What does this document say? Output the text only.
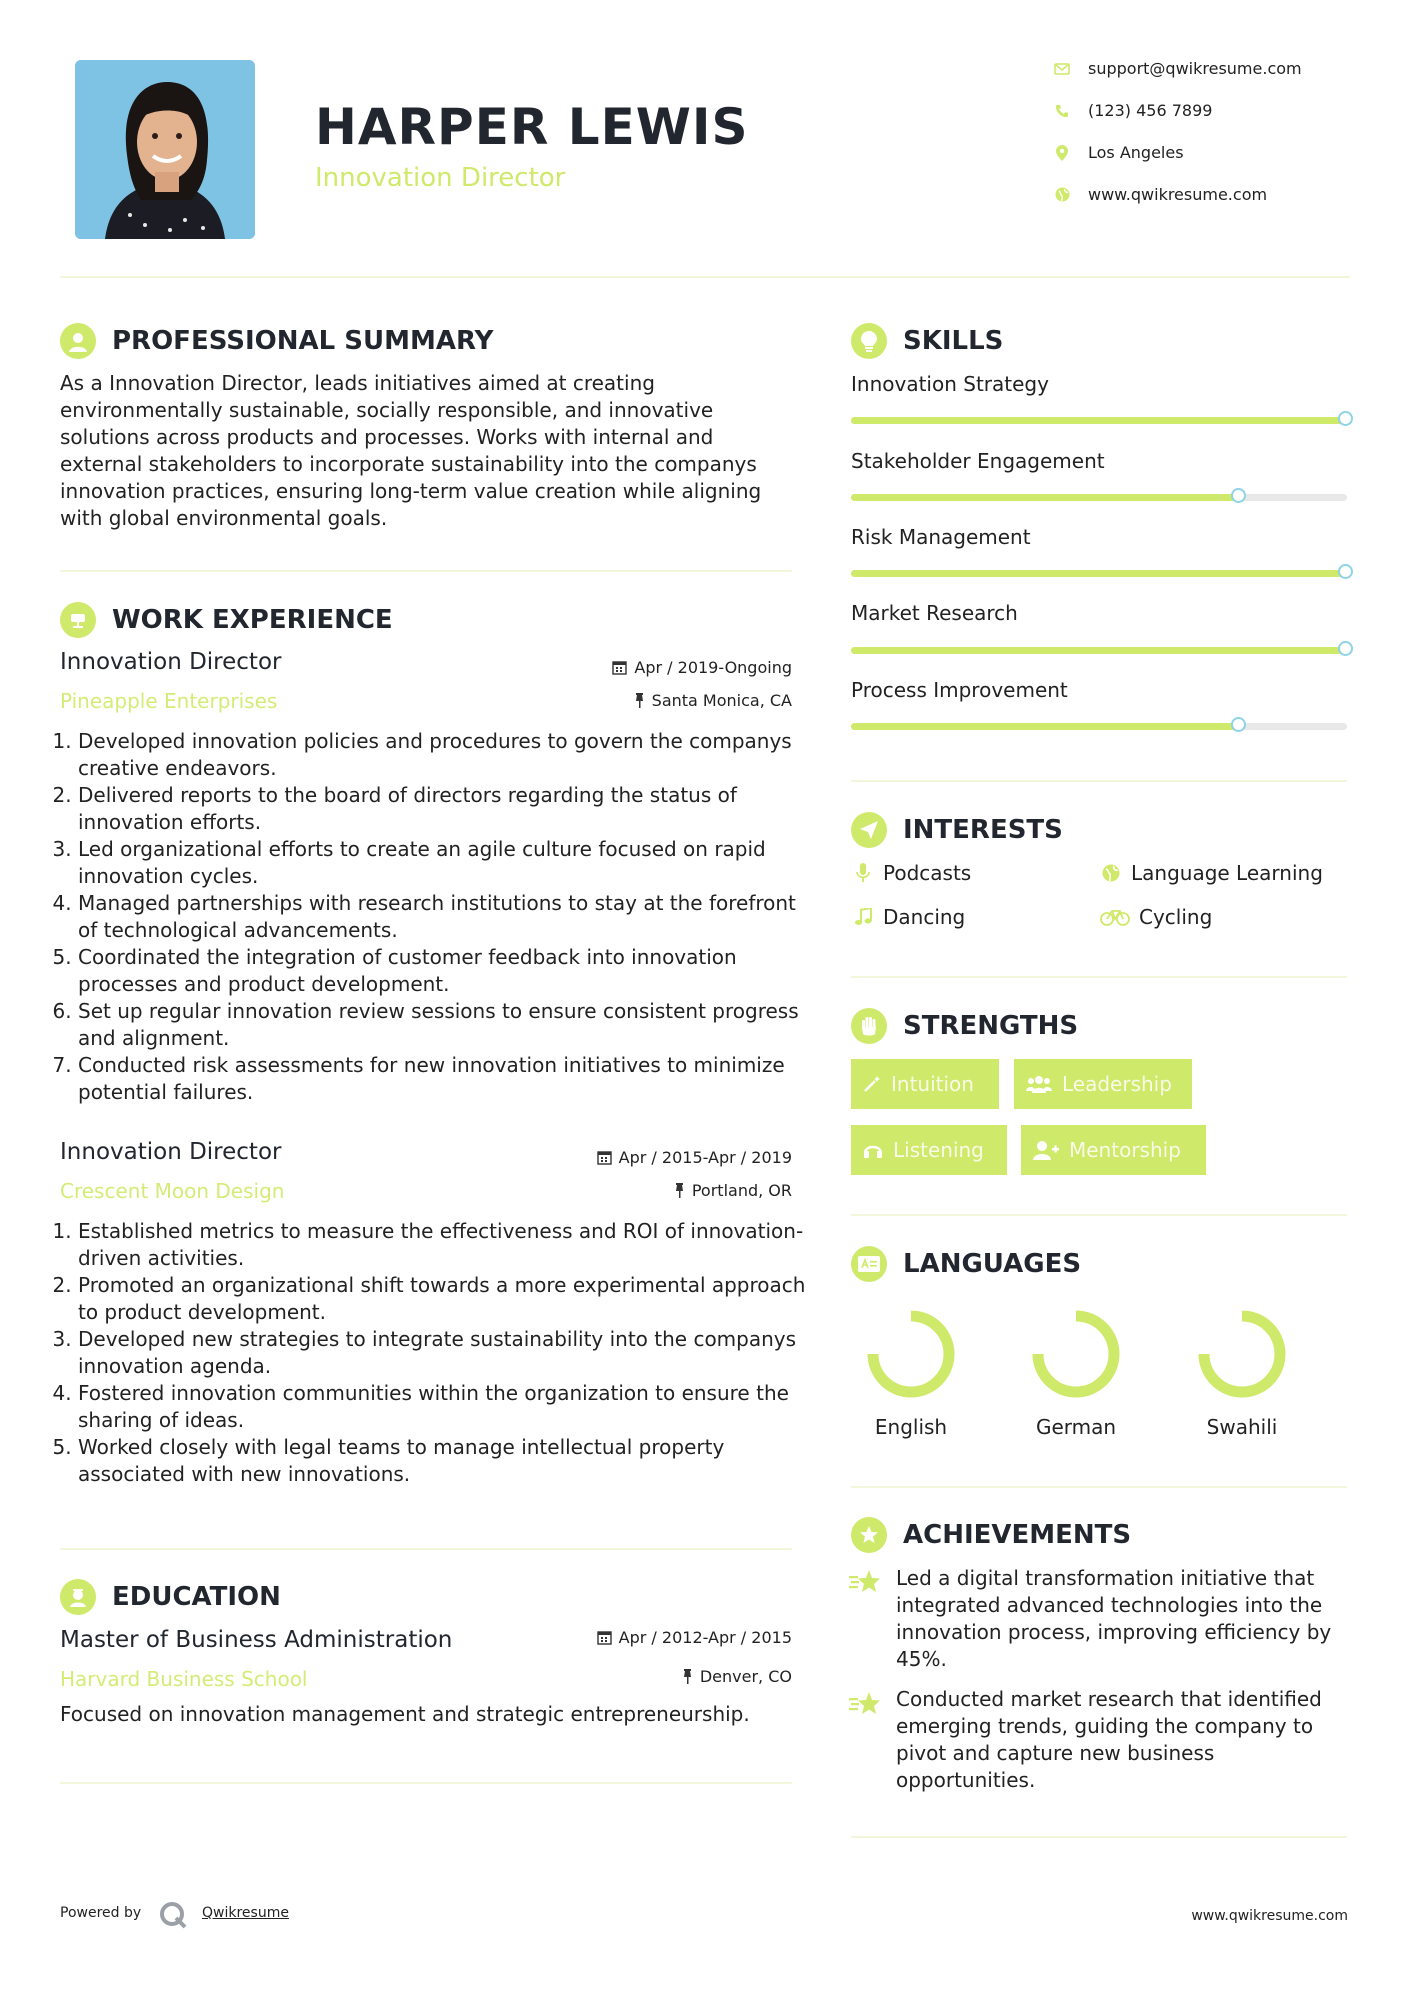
HARPER LEWIS
Innovation Director
support@qwikresume.com
(123) 456 7899
Los Angeles
www.qwikresume.com
PROFESSIONAL SUMMARY
As a Innovation Director, leads initiatives aimed at creating environmentally sustainable, socially responsible, and innovative solutions across products and processes. Works with internal and external stakeholders to incorporate sustainability into the companys innovation practices, ensuring long-term value creation while aligning with global environmental goals.
WORK EXPERIENCE
Innovation Director
Pineapple Enterprises
Apr / 2019-Ongoing
Santa Monica, CA
1. Developed innovation policies and procedures to govern the companys creative endeavors.
2. Delivered reports to the board of directors regarding the status of innovation efforts.
3. Led organizational efforts to create an agile culture focused on rapid innovation cycles.
4. Managed partnerships with research institutions to stay at the forefront of technological advancements.
5. Coordinated the integration of customer feedback into innovation processes and product development.
6. Set up regular innovation review sessions to ensure consistent progress and alignment.
7. Conducted risk assessments for new innovation initiatives to minimize potential failures.
Innovation Director
Crescent Moon Design
Apr / 2015-Apr / 2019
Portland, OR
1. Established metrics to measure the effectiveness and ROI of innovation-driven activities.
2. Promoted an organizational shift towards a more experimental approach to product development.
3. Developed new strategies to integrate sustainability into the companys innovation agenda.
4. Fostered innovation communities within the organization to ensure the sharing of ideas.
5. Worked closely with legal teams to manage intellectual property associated with new innovations.
EDUCATION
Master of Business Administration
Harvard Business School
Apr / 2012-Apr / 2015
Denver, CO
Focused on innovation management and strategic entrepreneurship.
SKILLS
Innovation Strategy
Stakeholder Engagement
Risk Management
Market Research
Process Improvement
INTERESTS
Podcasts	Language Learning
Dancing	Cycling
STRENGTHS
Intuition	Leadership
Listening	Mentorship
LANGUAGES
English	German	Swahili
ACHIEVEMENTS
Led a digital transformation initiative that integrated advanced technologies into the innovation process, improving efficiency by 45%.
Conducted market research that identified emerging trends, guiding the company to pivot and capture new business opportunities.
Powered by	Qwikresume	www.qwikresume.com
